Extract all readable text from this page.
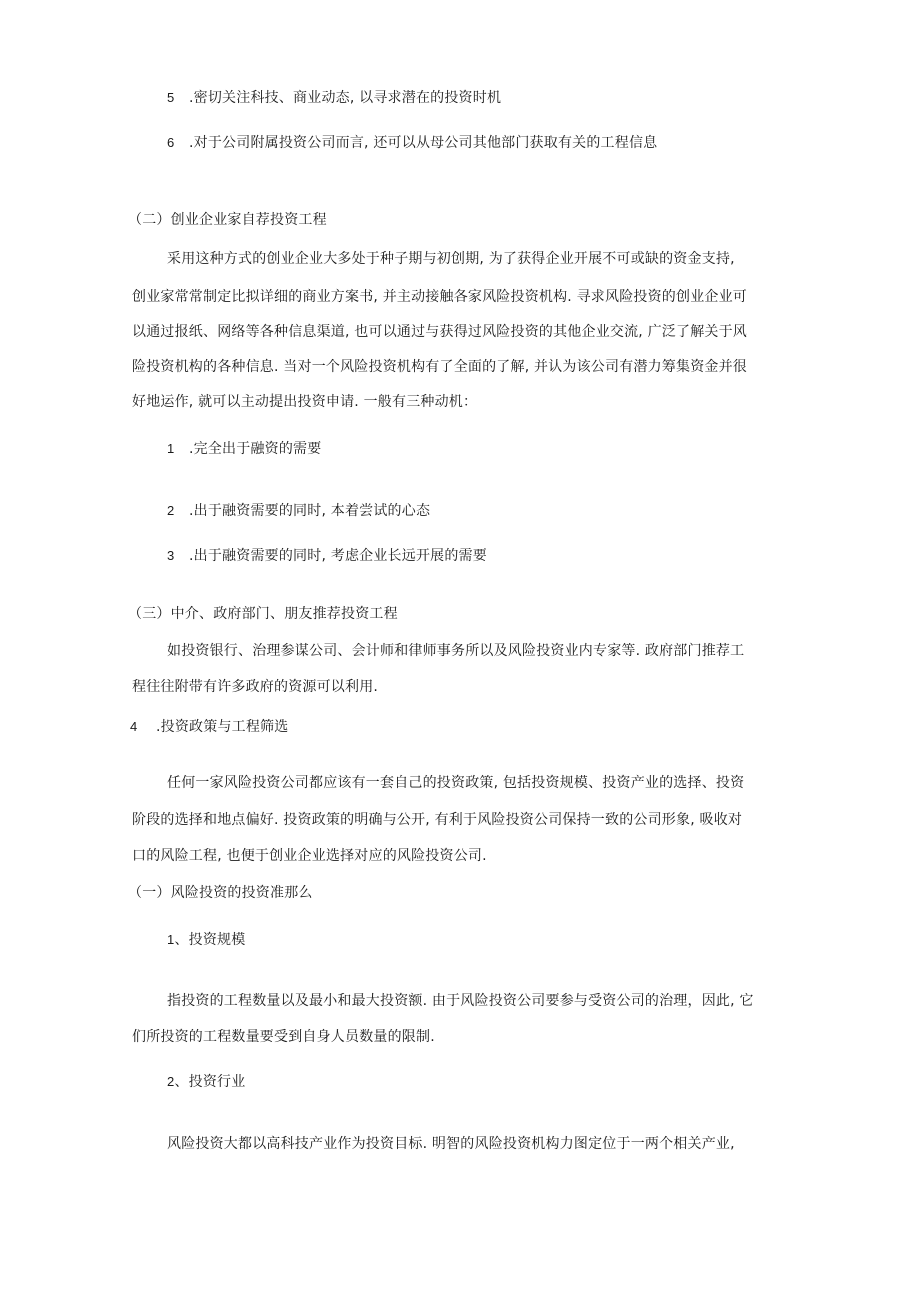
5 .密切关注科技、商业动态, 以寻求潜在的投资时机
6 .对于公司附属投资公司而言, 还可以从母公司其他部门获取有关的工程信息
（二）创业企业家自荐投资工程
采用这种方式的创业企业大多处于种子期与初创期, 为了获得企业开展不可或缺的资金支持,
创业家常常制定比拟详细的商业方案书, 并主动接触各家风险投资机构. 寻求风险投资的创业企业可
以通过报纸、网络等各种信息渠道, 也可以通过与获得过风险投资的其他企业交流, 广泛了解关于风
险投资机构的各种信息. 当对一个风险投资机构有了全面的了解, 并认为该公司有潜力筹集资金并很
好地运作, 就可以主动提出投资申请. 一般有三种动机：
1 .完全出于融资的需要
2 .出于融资需要的同时, 本着尝试的心态
3 .出于融资需要的同时, 考虑企业长远开展的需要
（三）中介、政府部门、朋友推荐投资工程
如投资银行、治理参谋公司、会计师和律师事务所以及风险投资业内专家等. 政府部门推荐工
程往往附带有许多政府的资源可以利用.
4 .投资政策与工程筛选
任何一家风险投资公司都应该有一套自己的投资政策, 包括投资规模、投资产业的选择、投资
阶段的选择和地点偏好. 投资政策的明确与公开, 有利于风险投资公司保持一致的公司形象, 吸收对
口的风险工程, 也便于创业企业选择对应的风险投资公司.
（一）风险投资的投资准那么
1、投资规模
指投资的工程数量以及最小和最大投资额. 由于风险投资公司要参与受资公司的治理，因此, 它
们所投资的工程数量要受到自身人员数量的限制.
2、投资行业
风险投资大都以高科技产业作为投资目标. 明智的风险投资机构力图定位于一两个相关产业,
